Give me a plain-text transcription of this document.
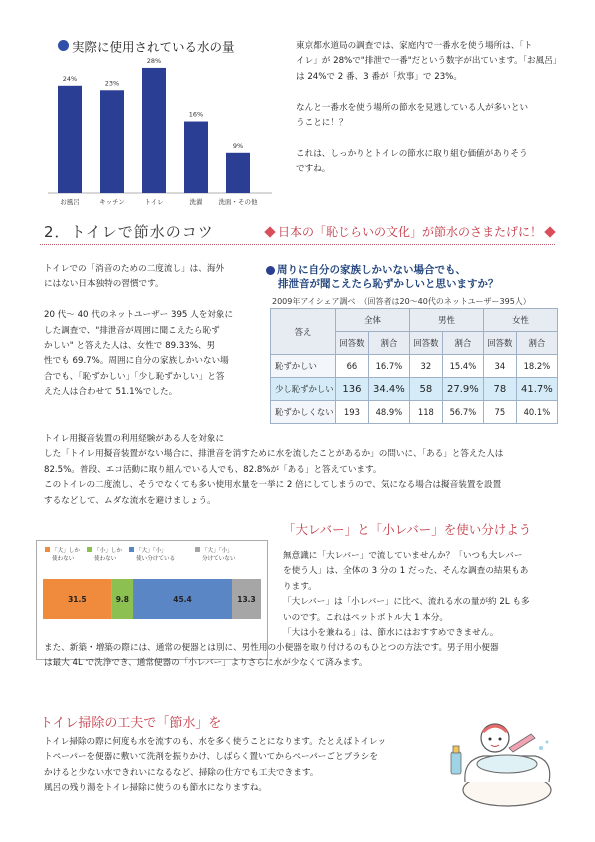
実際に使用されている水の量
24%
お風呂
23%
キッチン
28%
トイレ
16%
洗濯
9%
洗面・その他
東京都水道局の調査では、家庭内で一番水を使う場所は、「ト
イレ」が 28%で"排泄で一番"だという数字が出ています。「お風呂」
は 24%で 2 番、3 番が「炊事」で 23%。

なんと一番水を使う場所の節水を見逃している人が多いとい
うことに！？

これは、しっかりとトイレの節水に取り組む価値がありそう
ですね。
2．トイレで節水のコツ	日本の「恥じらいの文化」が節水のさまたげに！
トイレでの「消音のための二度流し」は、海外
にはない日本独特の習慣です。

20 代〜 40 代のネットユーザー 395 人を対象に
した調査で、"排泄音が周囲に聞こえたら恥ず
かしい" と答えた人は、女性で 89.33%、男
性でも 69.7%。周囲に自分の家族しかいない場
合でも、「恥ずかしい」「少し恥ずかしい」と答
えた人は合わせて 51.1%でした。
周りに自分の家族しかいない場合でも、
排泄音が聞こえたら恥ずかしいと思いますか？
2009年アイシェア調べ　（回答者は20〜40代のネットユーザー395人）
答え	全体		男性		女性	
	回答数	割合	回答数	割合	回答数	割合
恥ずかしい	66	16.7%	32	15.4%	34	18.2%
少し恥ずかしい	136	34.4%	58	27.9%	78	41.7%
恥ずかしくない	193	48.9%	118	56.7%	75	40.1%
トイレ用擬音装置の利用経験がある人を対象に
した「トイレ用擬音装置がない場合に、排泄音を消すために水を流したことがあるか」の問いに、「ある」と答えた人は
82.5%。普段、エコ活動に取り組んでいる人でも、82.8%が「ある」と答えています。
このトイレの二度流し、そうでなくても多い使用水量を一挙に 2 倍にしてしまうので、気になる場合は擬音装置を設置
するなどして、ムダな流水を避けましょう。
「大レバー」と「小レバー」を使い分けよう
「大」しか
使わない
「小」しか
使わない
「大」「小」
使い分けている
「大」「小」
分けていない
31.5	9.8	45.4	13.3
無意識に「大レバー」で流していませんか？「いつも大レバー
を使う人」は、全体の 3 分の 1 だった、そんな調査の結果もあ
ります。
「大レバー」は「小レバー」に比べ、流れる水の量が約 2L も多
いのです。これはペットボトル大 1 本分。
「大は小を兼ねる」は、節水にはおすすめできません。
また、新築・増築の際には、通常の便器とは別に、男性用の小便器を取り付けるのもひとつの方法です。男子用小便器
は最大 4L で洗浄でき、通常便器の「小レバー」よりさらに水が少なくて済みます。
トイレ掃除の工夫で「節水」を
トイレ掃除の際に何度も水を流すのも、水を多く使うことになります。たとえばトイレッ
トペーパーを便器に敷いて洗剤を振りかけ、しばらく置いてからペーパーごとブラシを
かけると少ない水できれいになるなど、掃除の仕方でも工夫できます。
風呂の残り湯をトイレ掃除に使うのも節水になりますね。
